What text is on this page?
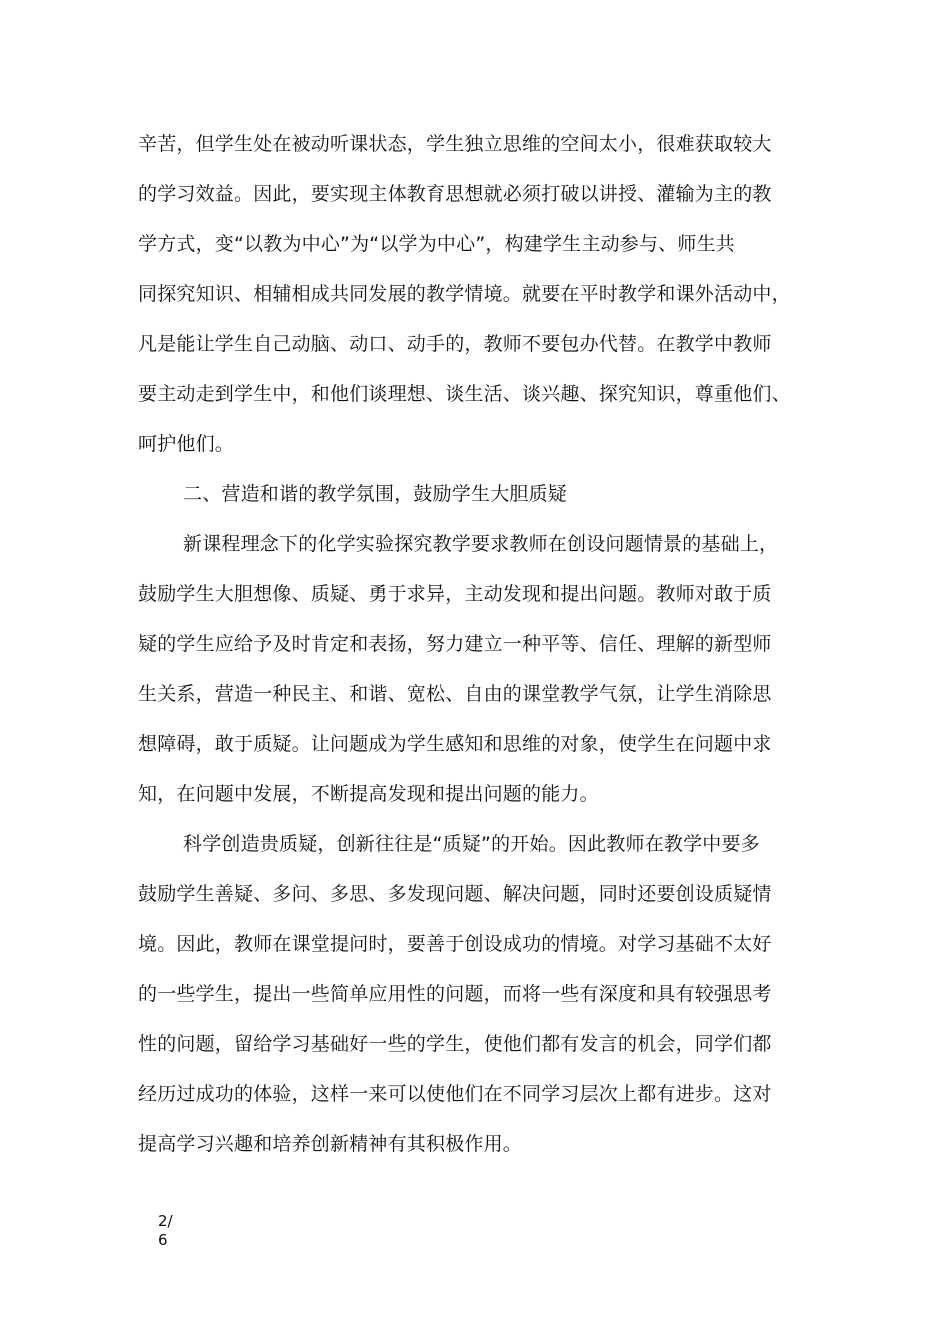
辛苦，但学生处在被动听课状态，学生独立思维的空间太小，很难获取较大
的学习效益。因此，要实现主体教育思想就必须打破以讲授、灌输为主的教
学方式，变“以教为中心”为“以学为中心”，构建学生主动参与、师生共
同探究知识、相辅相成共同发展的教学情境。就要在平时教学和课外活动中，
凡是能让学生自己动脑、动口、动手的，教师不要包办代替。在教学中教师
要主动走到学生中，和他们谈理想、谈生活、谈兴趣、探究知识，尊重他们、
呵护他们。
二、营造和谐的教学氛围，鼓励学生大胆质疑
新课程理念下的化学实验探究教学要求教师在创设问题情景的基础上，
鼓励学生大胆想像、质疑、勇于求异，主动发现和提出问题。教师对敢于质
疑的学生应给予及时肯定和表扬，努力建立一种平等、信任、理解的新型师
生关系，营造一种民主、和谐、宽松、自由的课堂教学气氛，让学生消除思
想障碍，敢于质疑。让问题成为学生感知和思维的对象，使学生在问题中求
知，在问题中发展，不断提高发现和提出问题的能力。
科学创造贵质疑，创新往往是“质疑”的开始。因此教师在教学中要多
鼓励学生善疑、多问、多思、多发现问题、解决问题，同时还要创设质疑情
境。因此，教师在课堂提问时，要善于创设成功的情境。对学习基础不太好
的一些学生，提出一些简单应用性的问题，而将一些有深度和具有较强思考
性的问题，留给学习基础好一些的学生，使他们都有发言的机会，同学们都
经历过成功的体验，这样一来可以使他们在不同学习层次上都有进步。这对
提高学习兴趣和培养创新精神有其积极作用。
2/
6
